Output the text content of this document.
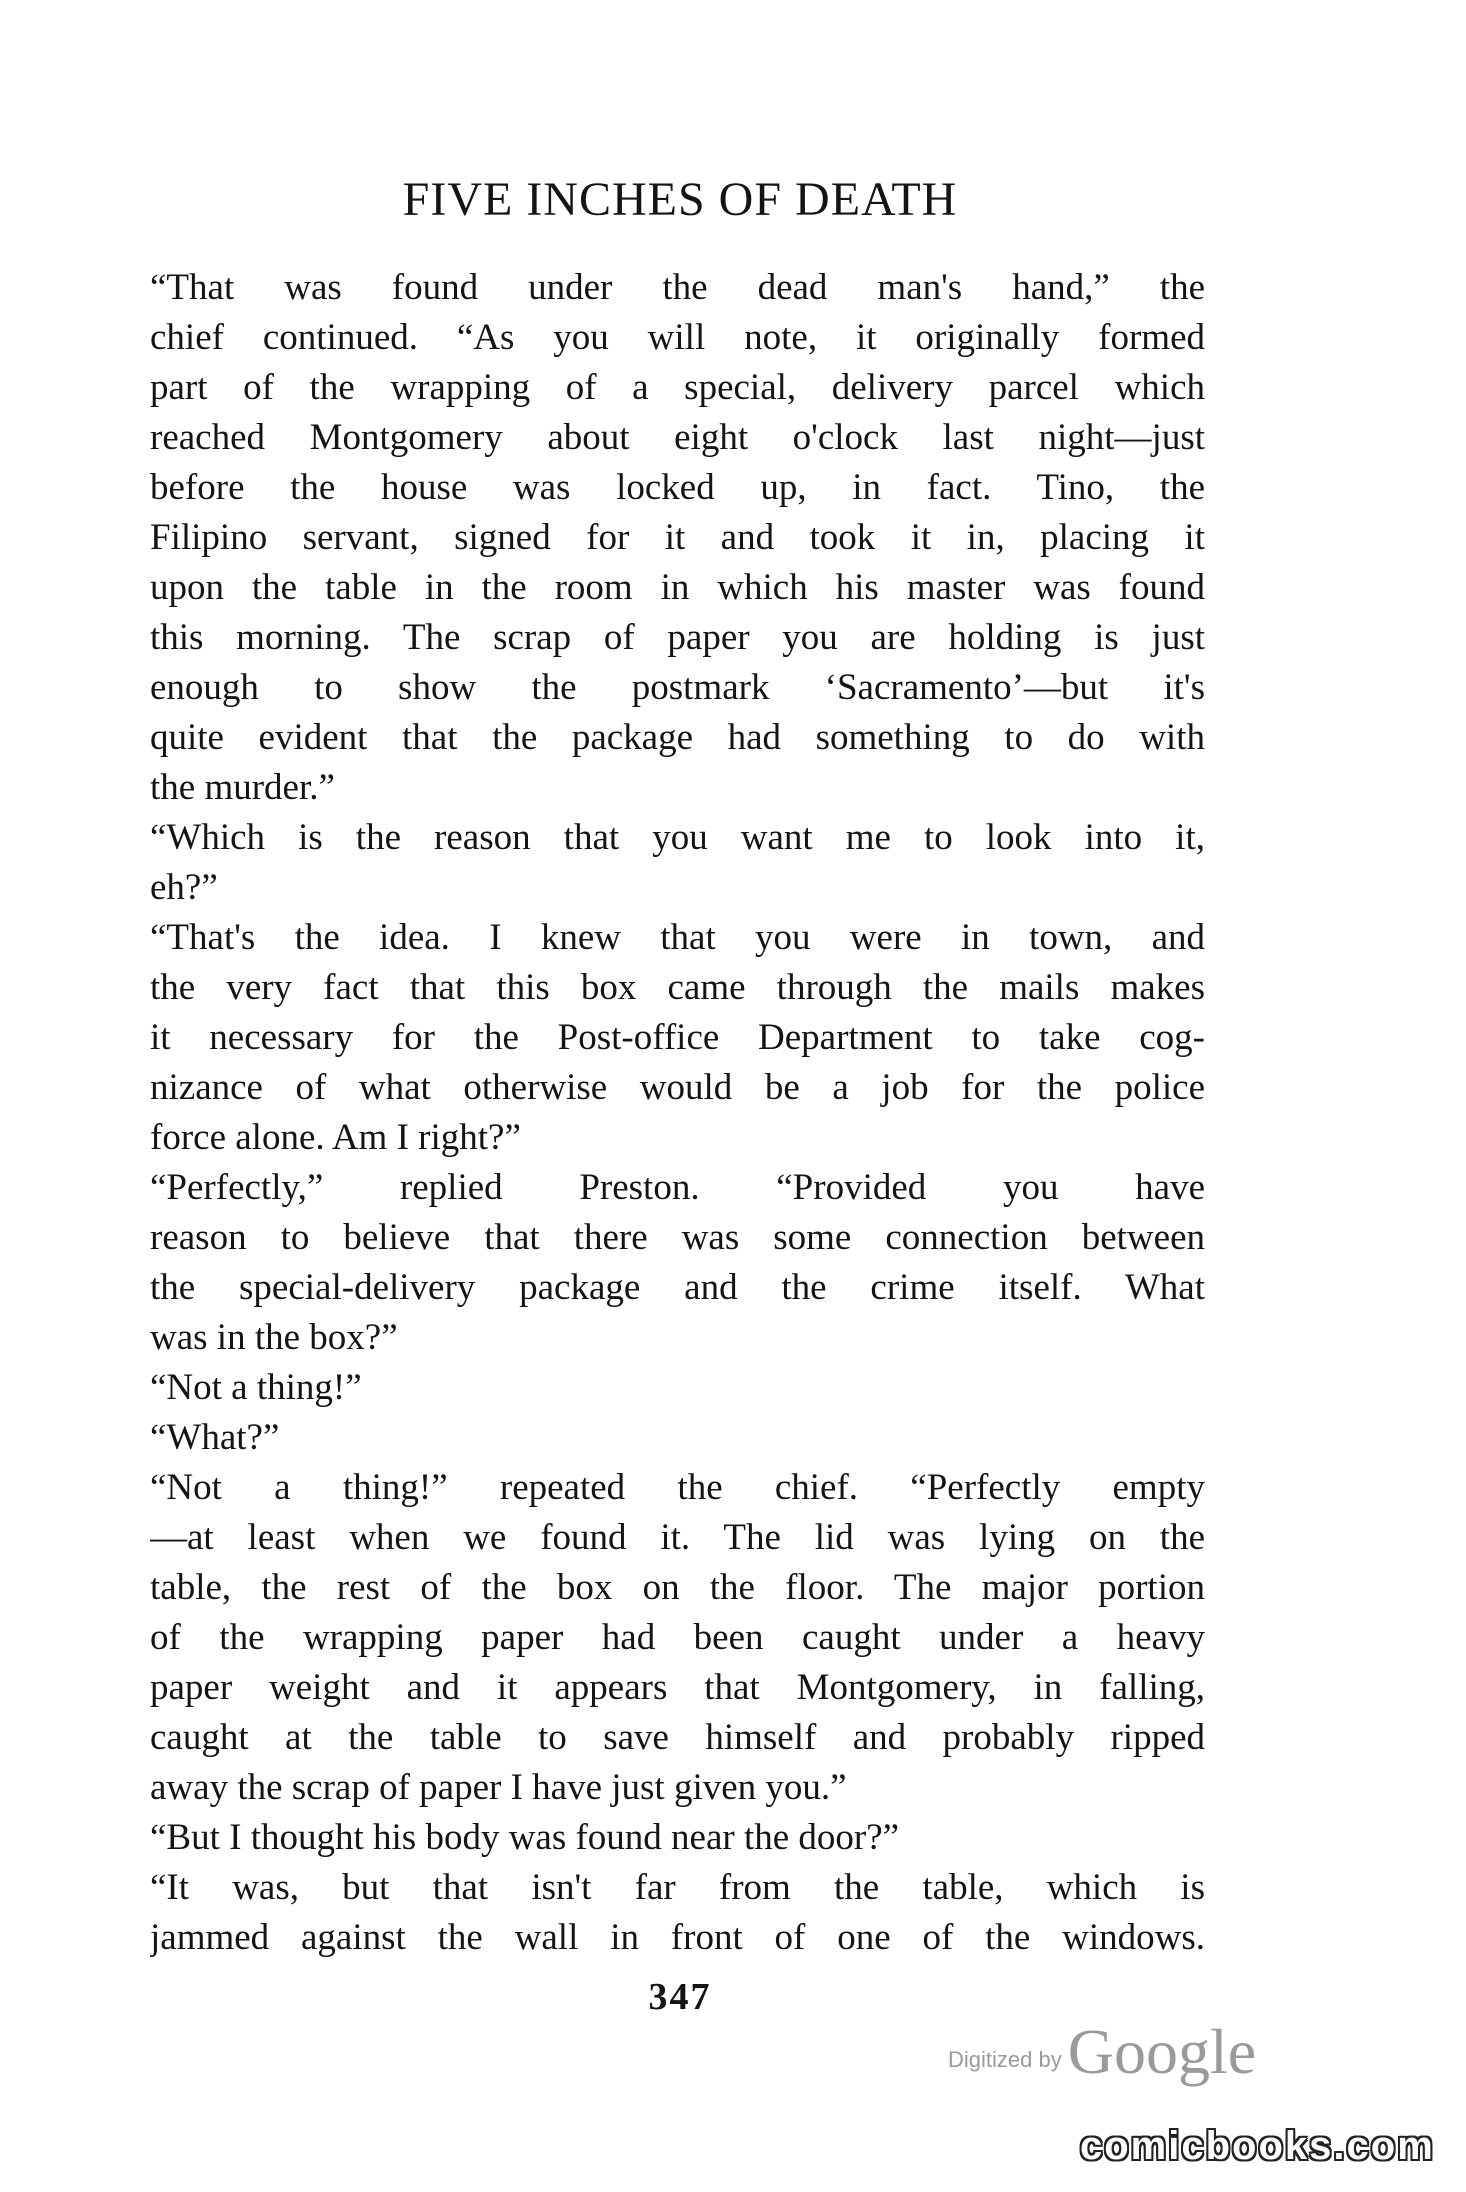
FIVE INCHES OF DEATH
“That was found under the dead man's hand,” the
chief continued. “As you will note, it originally formed
part of the wrapping of a special, delivery parcel which
reached Montgomery about eight o'clock last night—just
before the house was locked up, in fact. Tino, the
Filipino servant, signed for it and took it in, placing it
upon the table in the room in which his master was found
this morning. The scrap of paper you are holding is just
enough to show the postmark ‘Sacramento’—but it's
quite evident that the package had something to do with
the murder.”
“Which is the reason that you want me to look into it,
eh?”
“That's the idea. I knew that you were in town, and
the very fact that this box came through the mails makes
it necessary for the Post-office Department to take cog-
nizance of what otherwise would be a job for the police
force alone. Am I right?”
“Perfectly,” replied Preston. “Provided you have
reason to believe that there was some connection between
the special-delivery package and the crime itself. What
was in the box?”
“Not a thing!”
“What?”
“Not a thing!” repeated the chief. “Perfectly empty
—at least when we found it. The lid was lying on the
table, the rest of the box on the floor. The major portion
of the wrapping paper had been caught under a heavy
paper weight and it appears that Montgomery, in falling,
caught at the table to save himself and probably ripped
away the scrap of paper I have just given you.”
“But I thought his body was found near the door?”
“It was, but that isn't far from the table, which is
jammed against the wall in front of one of the windows.
347
Digitized byGoogle
comicbooks.com
